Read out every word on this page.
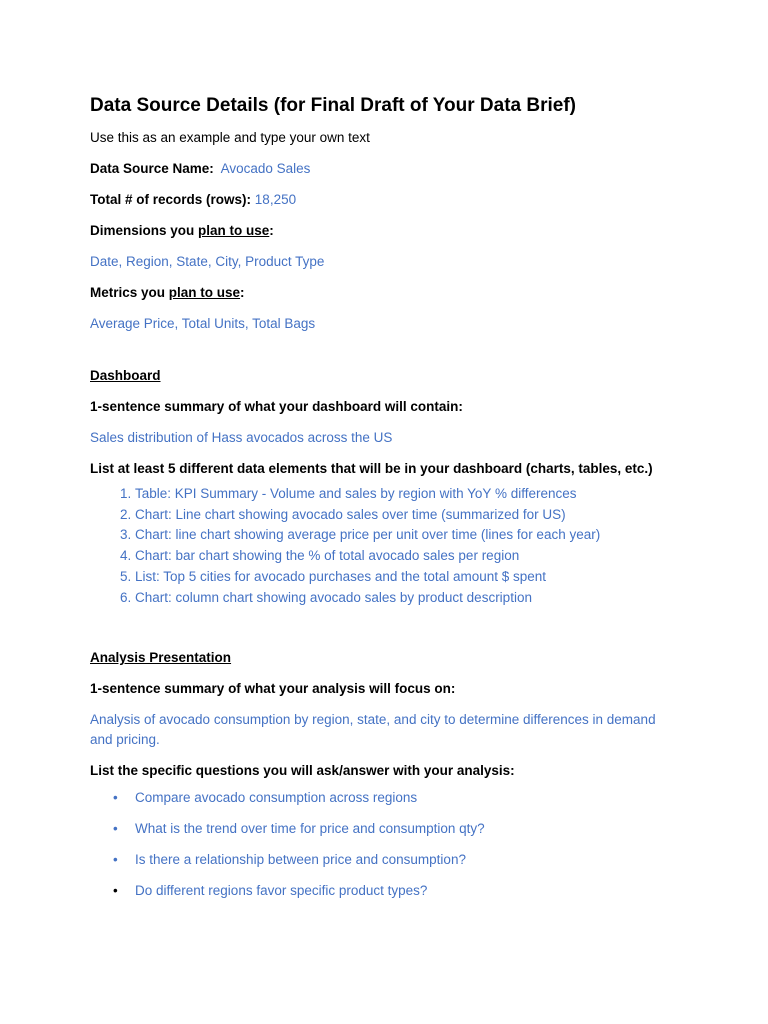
Data Source Details (for Final Draft of Your Data Brief)

Use this as an example and type your own text

Data Source Name: Avocado Sales

Total # of records (rows): 18,250

Dimensions you plan to use:

Date, Region, State, City, Product Type

Metrics you plan to use:

Average Price, Total Units, Total Bags

Dashboard

1-sentence summary of what your dashboard will contain:

Sales distribution of Hass avocados across the US

List at least 5 different data elements that will be in your dashboard (charts, tables, etc.)

1. Table: KPI Summary - Volume and sales by region with YoY % differences
2. Chart: Line chart showing avocado sales over time (summarized for US)
3. Chart: line chart showing average price per unit over time (lines for each year)
4. Chart: bar chart showing the % of total avocado sales per region
5. List: Top 5 cities for avocado purchases and the total amount $ spent
6. Chart: column chart showing avocado sales by product description

Analysis Presentation

1-sentence summary of what your analysis will focus on:

Analysis of avocado consumption by region, state, and city to determine differences in demand and pricing.

List the specific questions you will ask/answer with your analysis:

• Compare avocado consumption across regions
• What is the trend over time for price and consumption qty?
• Is there a relationship between price and consumption?
• Do different regions favor specific product types?
